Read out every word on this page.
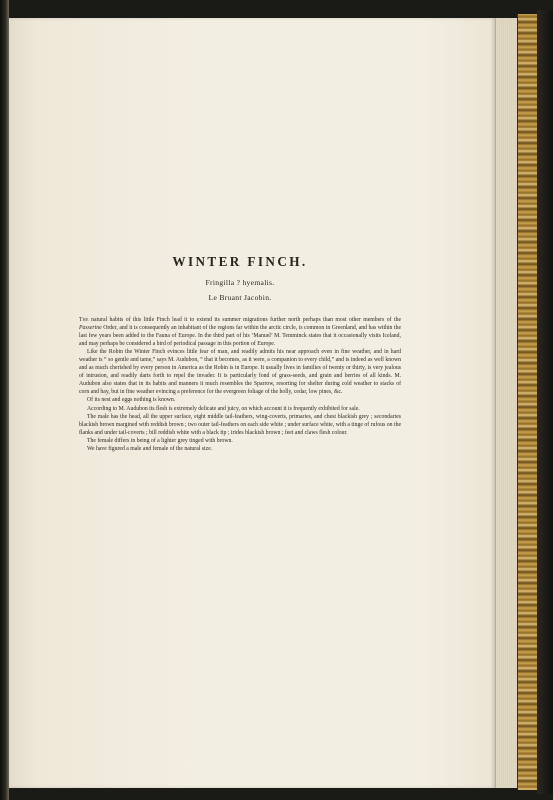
WINTER FINCH.
Fringilla ? hyemalis.
Le Bruant Jacobin.

The natural habits of this little Finch lead it to extend its summer migrations further north perhaps than most other members of the Passerine Order, and it is consequently an inhabitant of the regions far within the arctic circle, is common in Greenland, and has within the last few years been added to the Fauna of Europe. In the third part of his ‘Manuel’ M. Temminck states that it occasionally visits Iceland, and may perhaps be considered a bird of periodical passage in this portion of Europe.

Like the Robin the Winter Finch evinces little fear of man, and readily admits his near approach even in fine weather, and in hard weather is “ so gentle and tame,” says M. Audubon, “ that it becomes, as it were, a companion to every child,” and is indeed as well known and as much cherished by every person in America as the Robin is in Europe. It usually lives in families of twenty or thirty, is very jealous of intrusion, and readily darts forth to repel the invader. It is particularly fond of grass-seeds, and grain and berries of all kinds. M. Audubon also states that in its habits and manners it much resembles the Sparrow, resorting for shelter during cold weather to stacks of corn and hay, but in fine weather evincing a preference for the evergreen foliage of the holly, cedar, low pines, &c.

Of its nest and eggs nothing is known.

According to M. Audubon its flesh is extremely delicate and juicy, on which account it is frequently exhibited for sale.

The male has the head, all the upper surface, eight middle tail-feathers, wing-coverts, primaries, and chest blackish grey ; secondaries blackish brown margined with reddish brown ; two outer tail-feathers on each side white ; under surface white, with a tinge of rufous on the flanks and under tail-coverts ; bill reddish white with a black tip ; irides blackish brown ; feet and claws flesh colour.

The female differs in being of a lighter grey tinged with brown.

We have figured a male and female of the natural size.
